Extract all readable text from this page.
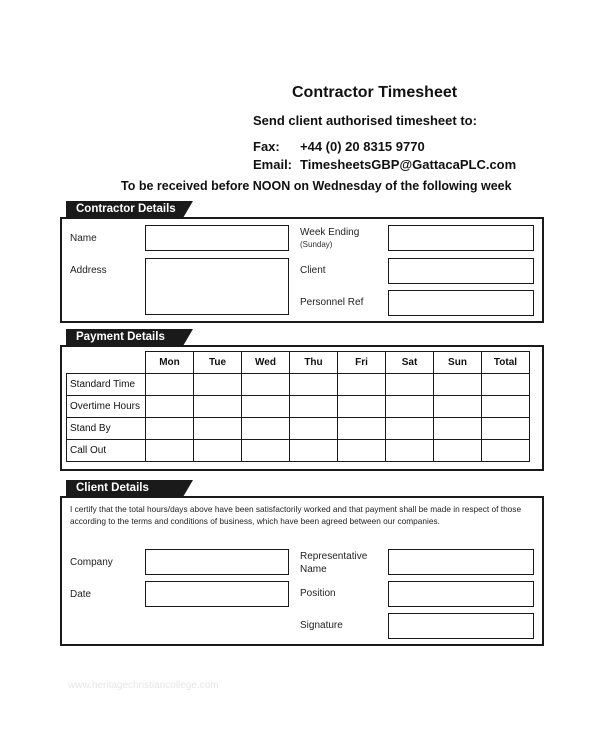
Contractor Timesheet
Send client authorised timesheet to:
Fax: +44 (0) 20 8315 9770
Email: TimesheetsGBP@GattacaPLC.com
To be received before NOON on Wednesday of the following week
Contractor Details
Name
Address
Week Ending
(Sunday)
Client
Personnel Ref
Payment Details
	Mon	Tue	Wed	Thu	Fri	Sat	Sun	Total
Standard Time								
Overtime Hours								
Stand By								
Call Out								
Client Details
I certify that the total hours/days above have been satisfactorily worked and that payment shall be made in respect of those according to the terms and conditions of business, which have been agreed between our companies.
Company
Date
Representative Name
Position
Signature
www.heritagechristiancollege.com
